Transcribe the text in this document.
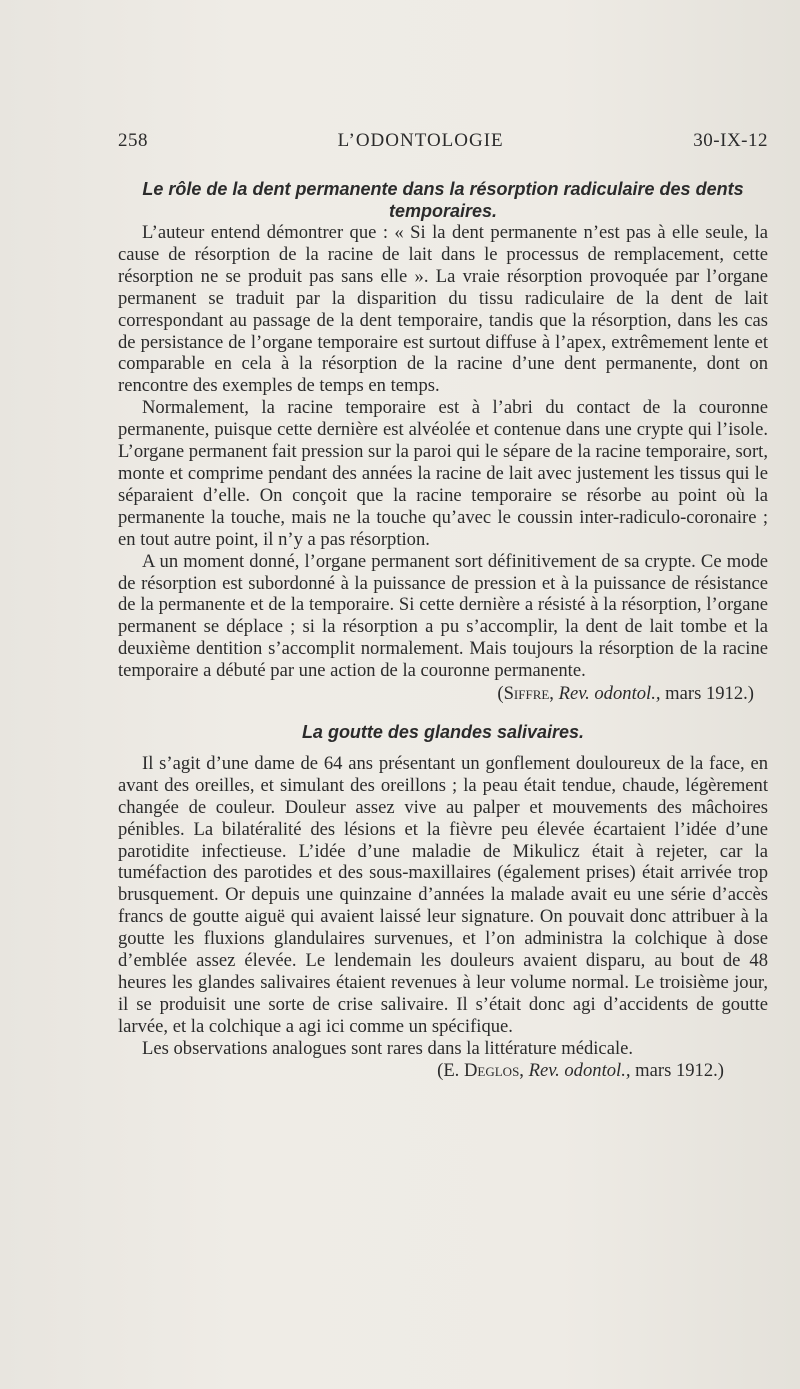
258	L’ODONTOLOGIE	30-IX-12
Le rôle de la dent permanente dans la résorption radiculaire des dents temporaires.

L’auteur entend démontrer que : « Si la dent permanente n’est pas à elle seule, la cause de résorption de la racine de lait dans le processus de remplacement, cette résorption ne se produit pas sans elle ». La vraie résorption provoquée par l’organe permanent se traduit par la disparition du tissu radiculaire de la dent de lait correspondant au passage de la dent temporaire, tandis que la résorption, dans les cas de persistance de l’organe temporaire est surtout diffuse à l’apex, extrêmement lente et comparable en cela à la résorption de la racine d’une dent permanente, dont on rencontre des exemples de temps en temps.

Normalement, la racine temporaire est à l’abri du contact de la couronne permanente, puisque cette dernière est alvéolée et contenue dans une crypte qui l’isole. L’organe permanent fait pression sur la paroi qui le sépare de la racine temporaire, sort, monte et comprime pendant des années la racine de lait avec justement les tissus qui le séparaient d’elle. On conçoit que la racine temporaire se résorbe au point où la permanente la touche, mais ne la touche qu’avec le coussin inter-radiculo-coronaire ; en tout autre point, il n’y a pas résorption.

A un moment donné, l’organe permanent sort définitivement de sa crypte. Ce mode de résorption est subordonné à la puissance de pression et à la puissance de résistance de la permanente et de la temporaire. Si cette dernière a résisté à la résorption, l’organe permanent se déplace ; si la résorption a pu s’accomplir, la dent de lait tombe et la deuxième dentition s’accomplit normalement. Mais toujours la résorption de la racine temporaire a débuté par une action de la couronne permanente.

(Siffre, Rev. odontol., mars 1912.)
La goutte des glandes salivaires.

Il s’agit d’une dame de 64 ans présentant un gonflement douloureux de la face, en avant des oreilles, et simulant des oreillons ; la peau était tendue, chaude, légèrement changée de couleur. Douleur assez vive au palper et mouvements des mâchoires pénibles. La bilatéralité des lésions et la fièvre peu élevée écartaient l’idée d’une parotidite infectieuse. L’idée d’une maladie de Mikulicz était à rejeter, car la tuméfaction des parotides et des sous-maxillaires (également prises) était arrivée trop brusquement. Or depuis une quinzaine d’années la malade avait eu une série d’accès francs de goutte aiguë qui avaient laissé leur signature. On pouvait donc attribuer à la goutte les fluxions glandulaires survenues, et l’on administra la colchique à dose d’emblée assez élevée. Le lendemain les douleurs avaient disparu, au bout de 48 heures les glandes salivaires étaient revenues à leur volume normal. Le troisième jour, il se produisit une sorte de crise salivaire. Il s’était donc agi d’accidents de goutte larvée, et la colchique a agi ici comme un spécifique.

Les observations analogues sont rares dans la littérature médicale.

(E. Deglos, Rev. odontol., mars 1912.)
